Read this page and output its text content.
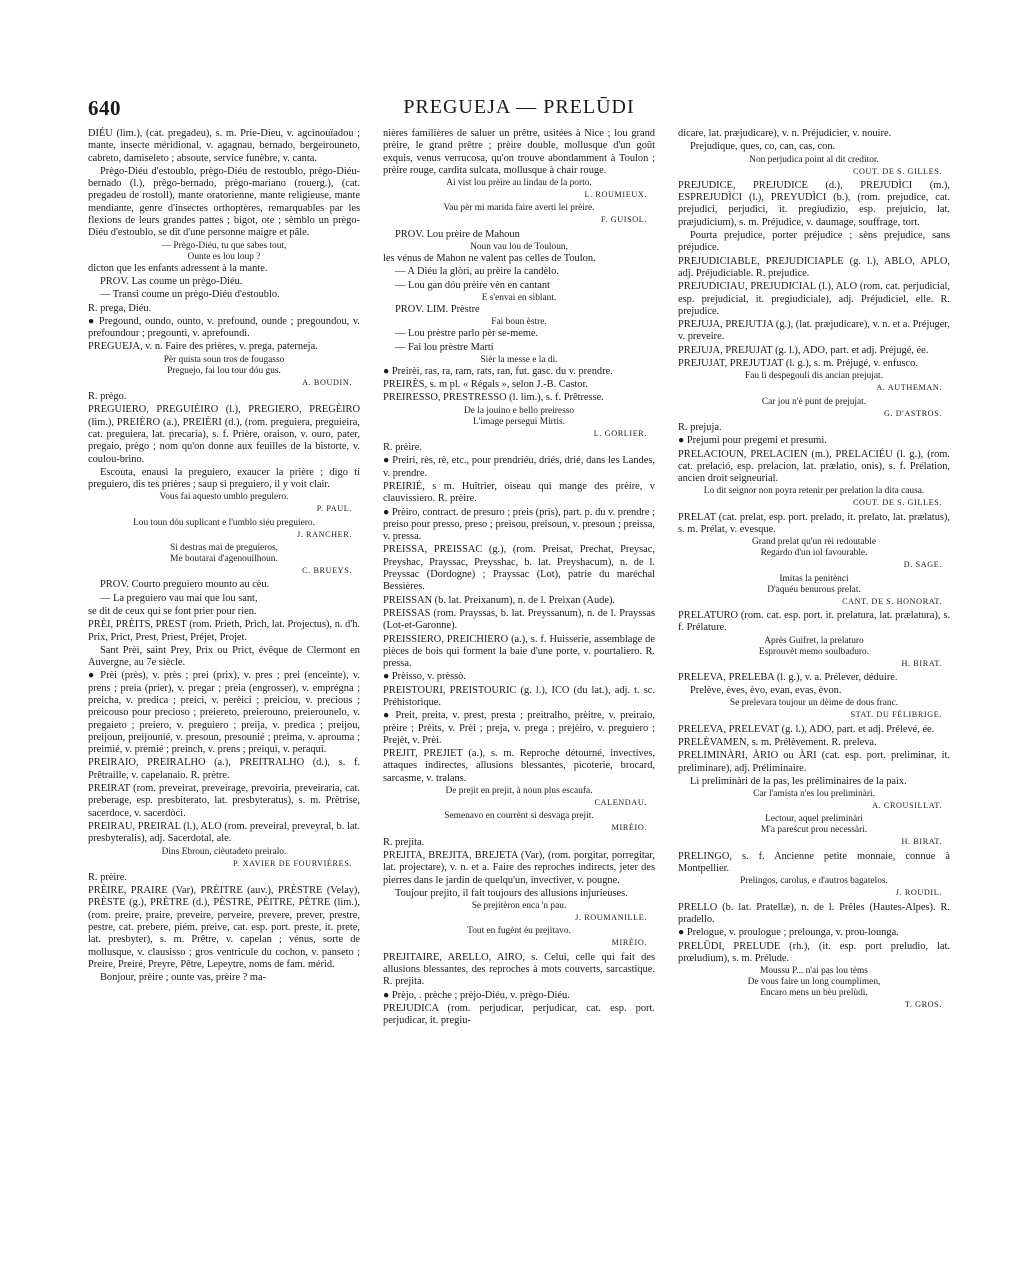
640	PREGUEJA — PRELŪDI

DIÉU (lim.), (cat. pregadeu), s. m. Prie-Dieu, v. agcinouïadou ; mante, insecte méridional, v. agagnau, bernado, bergeirouneto, cabreto, damiseleto ; absoute, service funèbre, v. canta.

Prègo-Diéu d'estoublo, prègo-Diéu de restoublo, prègo-Diéu-bernado (l.), prègo-bernado, prègo-mariano (rouerg.), (cat. pregadeu de rostoll), mante oratorienne, mante religieuse, mante mendiante, genre d'insectes orthoptères, remarquables par les flexions de leurs grandes pattes ; bigot, ote ; sèmblo un prègo-Diéu d'estoublo, se dit d'une personne maigre et pâle.

— Prègo-Diéu, tu que sabes tout,

Ounte es lou loup ?

dicton que les enfants adressent à la mante.

PROV. Las coume un prègo-Diéu.

— Transi coume un prègo-Diéu d'estoublo.

R. prega, Diéu.

● Pregound, oundo, ounto, v. prefound, ounde ; pregoundou, v. prefoundour ; pregounti, v. aprefoundi.

PREGUEJA, v. n. Faire des prières, v. prega, paterneja.

Pèr quista soun tros de fougasso

Preguejo, fai lou tour dóu gus.

A. BOUDIN.

R. prègo.

PREGUIERO, PREGUIÈIRO (l.), PREGIERO, PREGÈIRO (lim.), PREIÈRO (a.), PREIÈRI (d.), (rom. preguiera, preguieira, cat. preguiera, lat. precaria), s. f. Prière, oraison, v. ouro, pater, pregaio, prègo ; nom qu'on donne aux feuilles de la bistorte, v. coulou-brino.

Escouta, enausi la preguiero, exaucer la prière ; digo ti preguiero, dis tes prières ; saup si preguiero, il y voit clair.

Vous fai aquesto umblo pregulero.

P. PAUL.

Lou toun dóu suplicant e l'umblo siéu preguiero.

J. RANCHER.

Si destras mai de preguieros,

Me boutarai d'agenouilhoun.

C. BRUEYS.

PROV. Courto preguiero mounto au cèu.

— La preguiero vau mai que lou sant,

se dit de ceux qui se font prier pour rien.

PRÈI, PRÈITS, PREST (rom. Prieth, Prich, lat. Projectus), n. d'h. Prix, Prict, Prest, Priest, Préjet, Projet.

Sant Prèi, saint Prey, Prix ou Prict, évêque de Clermont en Auvergne, au 7e siècle.

● Prèi (près), v. près ; prei (prix), v. pres ; prei (enceinte), v. prens ; preia (prier), v. pregar ; preia (engrosser), v. emprégna ; preicha, v. predica ; preici, v. perèici ; preiciou, v. precious ; preicouso pour precioso ; preiereto, preierouno, preierounelo, v. pregaieto ; preiero, v. preguiero ; preija, v. predica ; preijou, preijoun, preijounié, v. presoun, presounié ; preima, v. aprouma ; preimié, v. premié ; preinch, v. prens ; preiqui, v. peraqui.

PREIRAIO, PREIRALHO (a.), PREITRALHO (d.), s. f. Prêtraille, v. capelanaio. R. prètre.

PREIRAT (rom. preveirat, preveirage, prevoiria, preveiraria, cat. preberage, esp. presbiterato, lat. presbyteratus), s. m. Prêtrise, sacerdoce, v. sacerdòci.

PREIRAU, PREIRAL (l.), ALO (rom. preveiral, preveyral, b. lat. presbyteralis), adj. Sacerdotal, ale.

Dins Ebroun, cièutadeto preiralo.

P. XAVIER DE FOURVIÈRES.

R. prèire.

PRÈIRE, PRAIRE (Var), PRÈITRE (auv.), PRÈSTRE (Velay), PRÈSTE (g.), PRÈTRE (d.), PÈSTRE, PÈITRE, PÈTRE (lim.), (rom. preire, praire, preveire, perveire, prevere, prever, prestre, pestre, cat. prebere, piém. preive, cat. esp. port. preste, it. prete, lat. presbyter), s. m. Prêtre, v. capelan ; vénus, sorte de mollusque, v. clausisso ; gros ventricule du cochon, v. panseto ; Preire, Preiré, Preyre, Pêtre, Lepeytre, noms de fam. mérid.

Bonjour, prèire ; ounte vas, prèire ? ma-

nières familières de saluer un prêtre, usitées à Nice ; lou grand prèire, le grand prêtre ; prèire double, mollusque d'un goût exquis, venus verrucosa, qu'on trouve abondamment à Toulon ; prèire rouge, cardita sulcata, mollusque à chair rouge.

Ai vist lou prèire au lindau de la porto.

L. ROUMIEUX.

Vau pèr mi marida faire averti lei prèire.

F. GUISOL.

PROV. Lou prèire de Mahoun

Noun vau lou de Touloun,

les vénus de Mahon ne valent pas celles de Toulon.

— A Diéu la glòri, au prèire la candèlo.

— Lou gan dóu prèire vèn en cantant

E s'envai en siblant.

PROV. LIM. Prèstre

Fai boun èstre.

— Lou prèstre parlo pèr se-meme.

— Fai lou prèstre Martí

Sièr la messe e la di.

● Preirèi, ras, ra, ram, rats, ran, fut. gasc. du v. prendre.

PREIRÈS, s. m pl. « Régals », selon J.-B. Castor.

PREIRESSO, PRESTRESSO (l. lim.), s. f. Prêtresse.

De la jouino e bello preiresso

L'image persegui Mirtis.

L. GORLIER.

R. prèire.

● Preiri, rès, rè, etc., pour prendriéu, driés, drié, dans les Landes, v. prendre.

PREIRIÉ, s m. Huîtrier, oiseau qui mange des prèire, v clauvissiero. R. prèire.

● Prèiro, contract. de presuro ; preis (pris), part. p. du v. prendre ; preiso pour presso, preso ; preisou, preisoun, v. presoun ; preissa, v. pressa.

PREISSA, PREISSAC (g.), (rom. Preisat, Prechat, Preysac, Preyshac, Prayssac, Preysshac, b. lat. Preyshacum), n. de l. Preyssac (Dordogne) ; Prayssac (Lot), patrie du maréchal Bessières.

PREISSAN (b. lat. Preixanum), n. de l. Preixan (Aude).

PREISSAS (rom. Prayssas, b. lat. Preyssanum), n. de l. Prayssas (Lot-et-Garonne).

PREISSIERO, PREICHIERO (a.), s. f. Huisserie, assemblage de pièces de bois qui forment la baie d'une porte, v. pourtaliero. R. pressa.

● Prèisso, v. prèssò.

PREISTOURI, PREISTOURIC (g. l.), ICO (du lat.), adj. t. sc. Préhistorique.

● Preit, preita, v. prest, presta ; preitralho, prèitre, v. preiraio, prèire ; Prèits, v. Prèi ; preja, v. prega ; prejèiro, v. preguiero ; Prejèt, v. Prèi.

PREJIT, PREJIET (a.), s. m. Reproche détourné, invectives, attaques indirectes, allusions blessantes, picoterie, brocard, sarcasme, v. tralans.

De prejit en prejit, à noun plus escaufa.

CALENDAU.

Semenavo en courrènt si desvaga prejit.

MIRÈIO.

R. prejita.

PREJITA, BREJITA, BREJETA (Var), (rom. porgitar, porregitar, lat. projectare), v. n. et a. Faire des reproches indirects, jeter des pierres dans le jardin de quelqu'un, invectiver, v. pougne.

Toujour prejito, il fait toujours des allusions injurieuses.

Se prejitèron enca 'n pau.

J. ROUMANILLE.

Tout en fugènt éu prejitavo.

MIRÈIO.

PREJITAIRE, ARELLO, AIRO, s. Celui, celle qui fait des allusions blessantes, des reproches à mots couverts, sarcastique. R. prejita.

● Prèjo, . prèche ; prèjo-Diéu, v. prègo-Diéu.

PREJUDICA (rom. perjudicar, perjudicar, cat. esp. port. perjudicar, it. pregiu-

dicare, lat. præjudicare), v. n. Préjudicier, v. nouire.

Prejudique, ques, co, can, cas, con.

Non perjudica point al dit creditor.

COUT. DE S. GILLES.

PREJUDICE, PREJUDICE (d.), PREJUDÌCI (m.), ESPREJUDÌCI (l.), PREYUDÌCI (b.), (rom. prejudice, cat. prejudici, perjudici, it. pregiudizio, esp. prejuicio, lat. præjudicium), s. m. Préjudice, v. daumage, souffrage, tort.

Pourta prejudice, porter préjudice ; sèns prejudice, sans préjudice.

PREJUDICIABLE, PREJUDICIAPLE (g. l.), ABLO, APLO, adj. Préjudiciable. R. prejudice.

PREJUDICIAU, PREJUDICIAL (l.), ALO (rom. cat. perjudicial, esp. prejudicial, it. pregiudiciale), adj. Préjudiciel, elle. R. prejudice.

PREJUJA, PREJUTJA (g.), (lat. præjudicare), v. n. et a. Préjuger, v. preveire.

PREJUJA, PREJUJAT (g. l.), ADO, part. et adj. Préjugé, ée.

PREJUJAT, PREJUTJAT (l. g.), s. m. Préjugé, v. enfusco.

Fau li despegouli dis ancian prejujat.

A. AUTHEMAN.

Car jou n'è punt de prejujat.

G. D'ASTROS.

R. prejuja.

● Prejumi pour pregemi et presumi.

PRELACIOUN, PRELACIEN (m.), PRELACIÉU (l. g.), (rom. cat. prelació, esp. prelacion, lat. prælatio, onis), s. f. Prélation, ancien droit seigneurial.

Lo dit seignor non poyra retenir per prelation la dita causa.

COUT. DE S. GILLES.

PRELAT (cat. prelat, esp. port. prelado, it. prelato, lat. prælatus), s. m. Prélat, v. evesque.

Grand prelat qu'un rèi redoutable

Regardo d'un iol favourable.

D. SAGE.

Imitas la penitènci

D'aquéu benurous prelat.

CANT. DE S. HONORAT.

PRELATURO (rom. cat. esp. port. it. prelatura, lat. prælatura), s. f. Prélature.

Après Guifret, la prelaturo

Esprouvèt memo soulbaduro.

H. BIRAT.

PRELEVA, PRELEBA (l. g.), v. a. Prélever, déduire.

Prelève, èves, èvo, evan, evas, èvon.

Se prelevara toujour un dèime de dous franc.

STAT. DU FÉLIBRIGE.

PRELEVA, PRELEVAT (g. l.), ADO, part. et adj. Prélevé, ée.

PRELÈVAMEN, s. m. Prélèvement. R. preleva.

PRELIMINÀRI, ÀRIO ou ÀRI (cat. esp. port. preliminar, it. preliminare), adj. Préliminaire.

Li preliminàri de la pas, les préliminaires de la paix.

Car l'amista n'es lou preliminàri.

A. CROUSILLAT.

Lectour, aquel preliminàri

M'a pareścut prou necessàri.

H. BIRAT.

PRELINGO, s. f. Ancienne petite monnaie, connue à Montpellier.

Prelingos, carolus, e d'autros bagatelos.

J. ROUDIL.

PRELLO (b. lat. Pratellæ), n. de l. Prêles (Hautes-Alpes). R. pradello.

● Prelogue, v. proulogue ; prelounga, v. prou-lounga.

PRELŪDI, PRELUDE (rh.), (it. esp. port preludio, lat. prœludium), s. m. Prélude.

Moussu P... n'ai pas lou tèms

De vous faire un long coumplimen,

Encaro mens un bèu prelùdi.

T. GROS.
